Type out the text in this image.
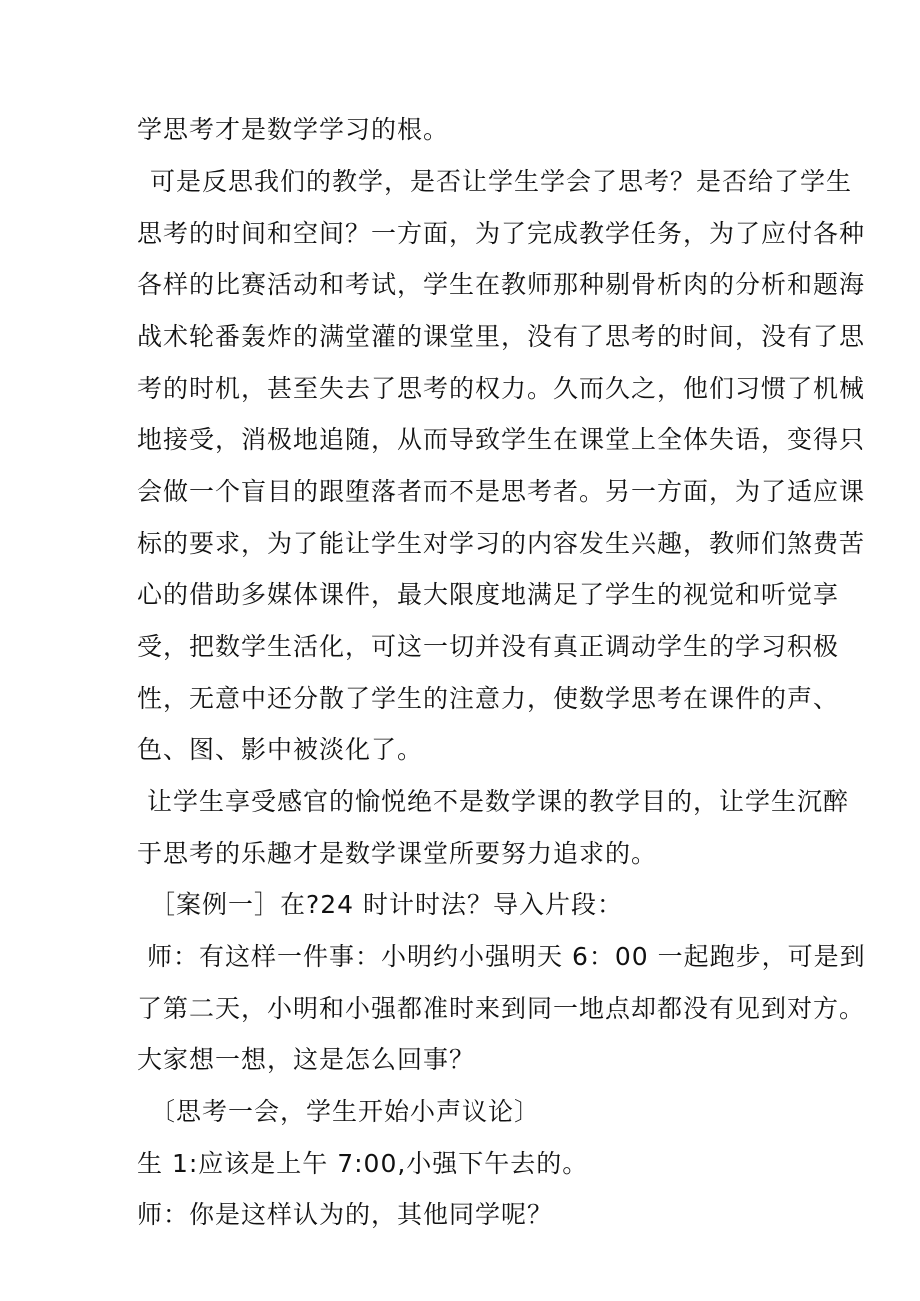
学思考才是数学学习的根。
可是反思我们的教学，是否让学生学会了思考？是否给了学生
思考的时间和空间？一方面，为了完成教学任务，为了应付各种
各样的比赛活动和考试，学生在教师那种剔骨析肉的分析和题海
战术轮番轰炸的满堂灌的课堂里，没有了思考的时间，没有了思
考的时机，甚至失去了思考的权力。久而久之，他们习惯了机械
地接受，消极地追随，从而导致学生在课堂上全体失语，变得只
会做一个盲目的跟堕落者而不是思考者。另一方面，为了适应课
标的要求，为了能让学生对学习的内容发生兴趣，教师们煞费苦
心的借助多媒体课件，最大限度地满足了学生的视觉和听觉享
受，把数学生活化，可这一切并没有真正调动学生的学习积极
性，无意中还分散了学生的注意力，使数学思考在课件的声、
色、图、影中被淡化了。
让学生享受感官的愉悦绝不是数学课的教学目的，让学生沉醉
于思考的乐趣才是数学课堂所要努力追求的。
［案例一］在?24 时计时法？导入片段：
师：有这样一件事：小明约小强明天 6：00 一起跑步，可是到
了第二天，小明和小强都准时来到同一地点却都没有见到对方。
大家想一想，这是怎么回事？
〔思考一会，学生开始小声议论〕
生 1:应该是上午 7:00,小强下午去的。
师：你是这样认为的，其他同学呢？
